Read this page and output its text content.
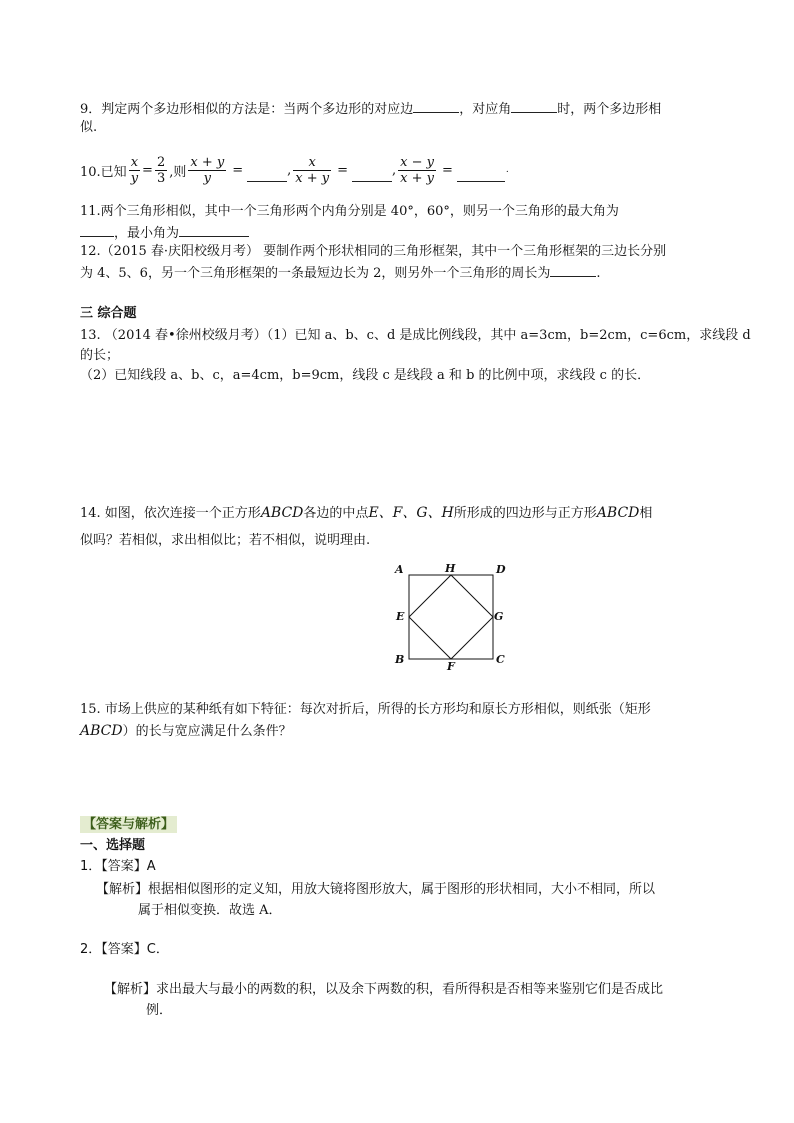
9．判定两个多边形相似的方法是：当两个多边形的对应边	，对应角	时，两个多边形相
似.
10.已知 $\frac{x}{y} = \frac{2}{3}$ ,则 $\frac{x + y}{y}$ =	, $\frac{x}{x + y}$ =	, $\frac{x - y}{x + y}$ =	.
11.两个三角形相似，其中一个三角形两个内角分别是 40°，60°，则另一个三角形的最大角为
，最小角为
12.（2015 春·庆阳校级月考） 要制作两个形状相同的三角形框架，其中一个三角形框架的三边长分别
为 4、5、6，另一个三角形框架的一条最短边长为 2，则另外一个三角形的周长为	.
三 综合题
13. （2014 春•徐州校级月考）（1）已知 a、b、c、d 是成比例线段，其中 a=3cm，b=2cm，c=6cm，求线段 d
的长；
（2）已知线段 a、b、c，a=4cm，b=9cm，线段 c 是线段 a 和 b 的比例中项，求线段 c 的长．
14. 如图，依次连接一个正方形ABCD各边的中点E、F、G、H所形成的四边形与正方形ABCD相
似吗？若相似，求出相似比；若不相似，说明理由.
A	D
H
E	G
B	C
F
15. 市场上供应的某种纸有如下特征：每次对折后，所得的长方形均和原长方形相似，则纸张（矩形
ABCD）的长与宽应满足什么条件？
【答案与解析】
一、选择题
1．【答案】A
【解析】根据相似图形的定义知，用放大镜将图形放大，属于图形的形状相同，大小不相同，所以
属于相似变换．故选 A．
2．【答案】C．
【解析】求出最大与最小的两数的积，以及余下两数的积，看所得积是否相等来鉴别它们是否成比
例．
